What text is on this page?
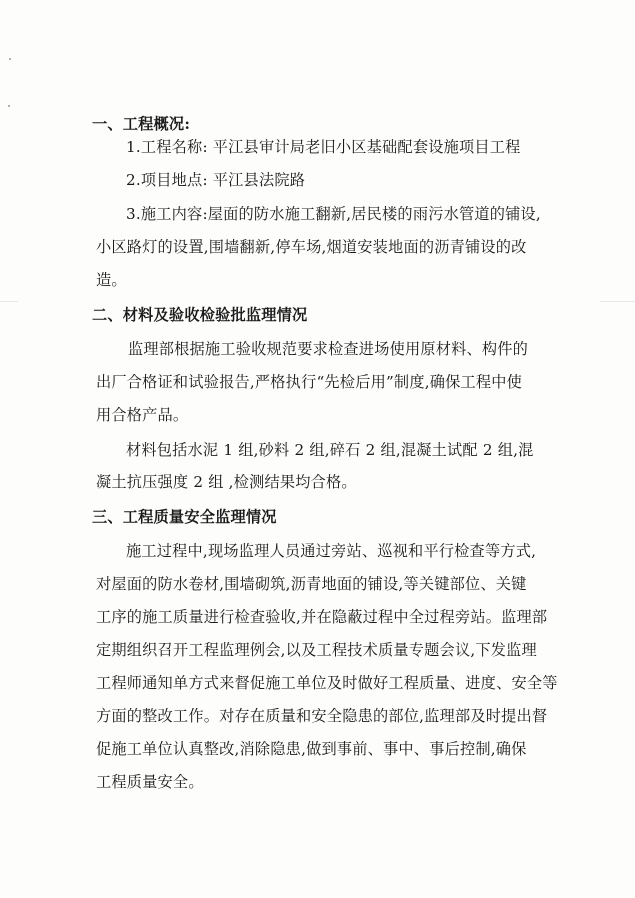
一、工程概况:
1.工程名称: 平江县审计局老旧小区基础配套设施项目工程
2.项目地点: 平江县法院路
3.施工内容:屋面的防水施工翻新,居民楼的雨污水管道的铺设,
小区路灯的设置,围墙翻新,停车场,烟道安装地面的沥青铺设的改
造。
二、材料及验收检验批监理情况
监理部根据施工验收规范要求检查进场使用原材料、构件的
出厂合格证和试验报告,严格执行“先检后用”制度,确保工程中使
用合格产品。
材料包括水泥 1 组,砂料 2 组,碎石 2 组,混凝土试配 2 组,混
凝土抗压强度 2 组 ,检测结果均合格。
三、工程质量安全监理情况
施工过程中,现场监理人员通过旁站、巡视和平行检查等方式,
对屋面的防水卷材,围墙砌筑,沥青地面的铺设,等关键部位、关键
工序的施工质量进行检查验收,并在隐蔽过程中全过程旁站。监理部
定期组织召开工程监理例会,以及工程技术质量专题会议,下发监理
工程师通知单方式来督促施工单位及时做好工程质量、进度、安全等
方面的整改工作。对存在质量和安全隐患的部位,监理部及时提出督
促施工单位认真整改,消除隐患,做到事前、事中、事后控制,确保
工程质量安全。
